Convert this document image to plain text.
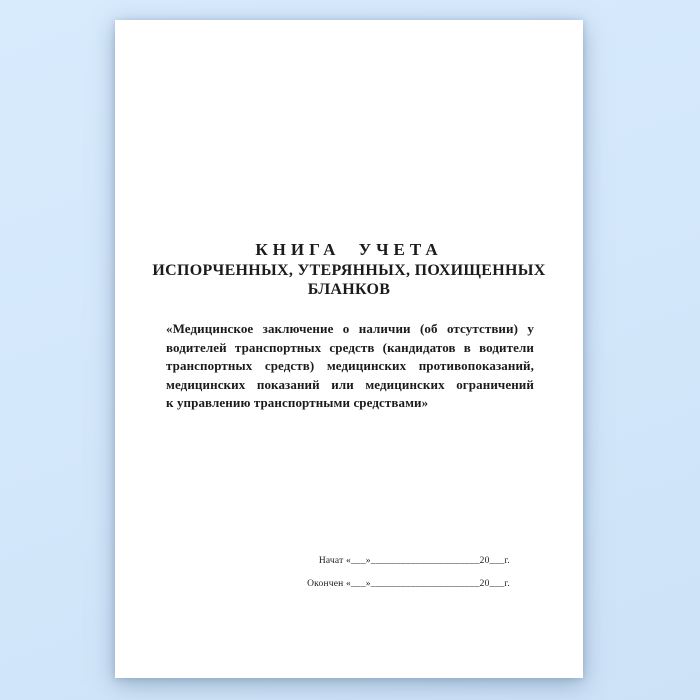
КНИГА УЧЕТА
ИСПОРЧЕННЫХ, УТЕРЯННЫХ, ПОХИЩЕННЫХ
БЛАНКОВ
«Медицинское заключение о наличии (об отсутствии) у
водителей транспортных средств (кандидатов в водители
транспортных средств) медицинских противопоказаний,
медицинских показаний или медицинских ограничений
к управлению транспортными средствами»
Начат «___»______________________20___г.
Окончен «___»______________________20___г.
